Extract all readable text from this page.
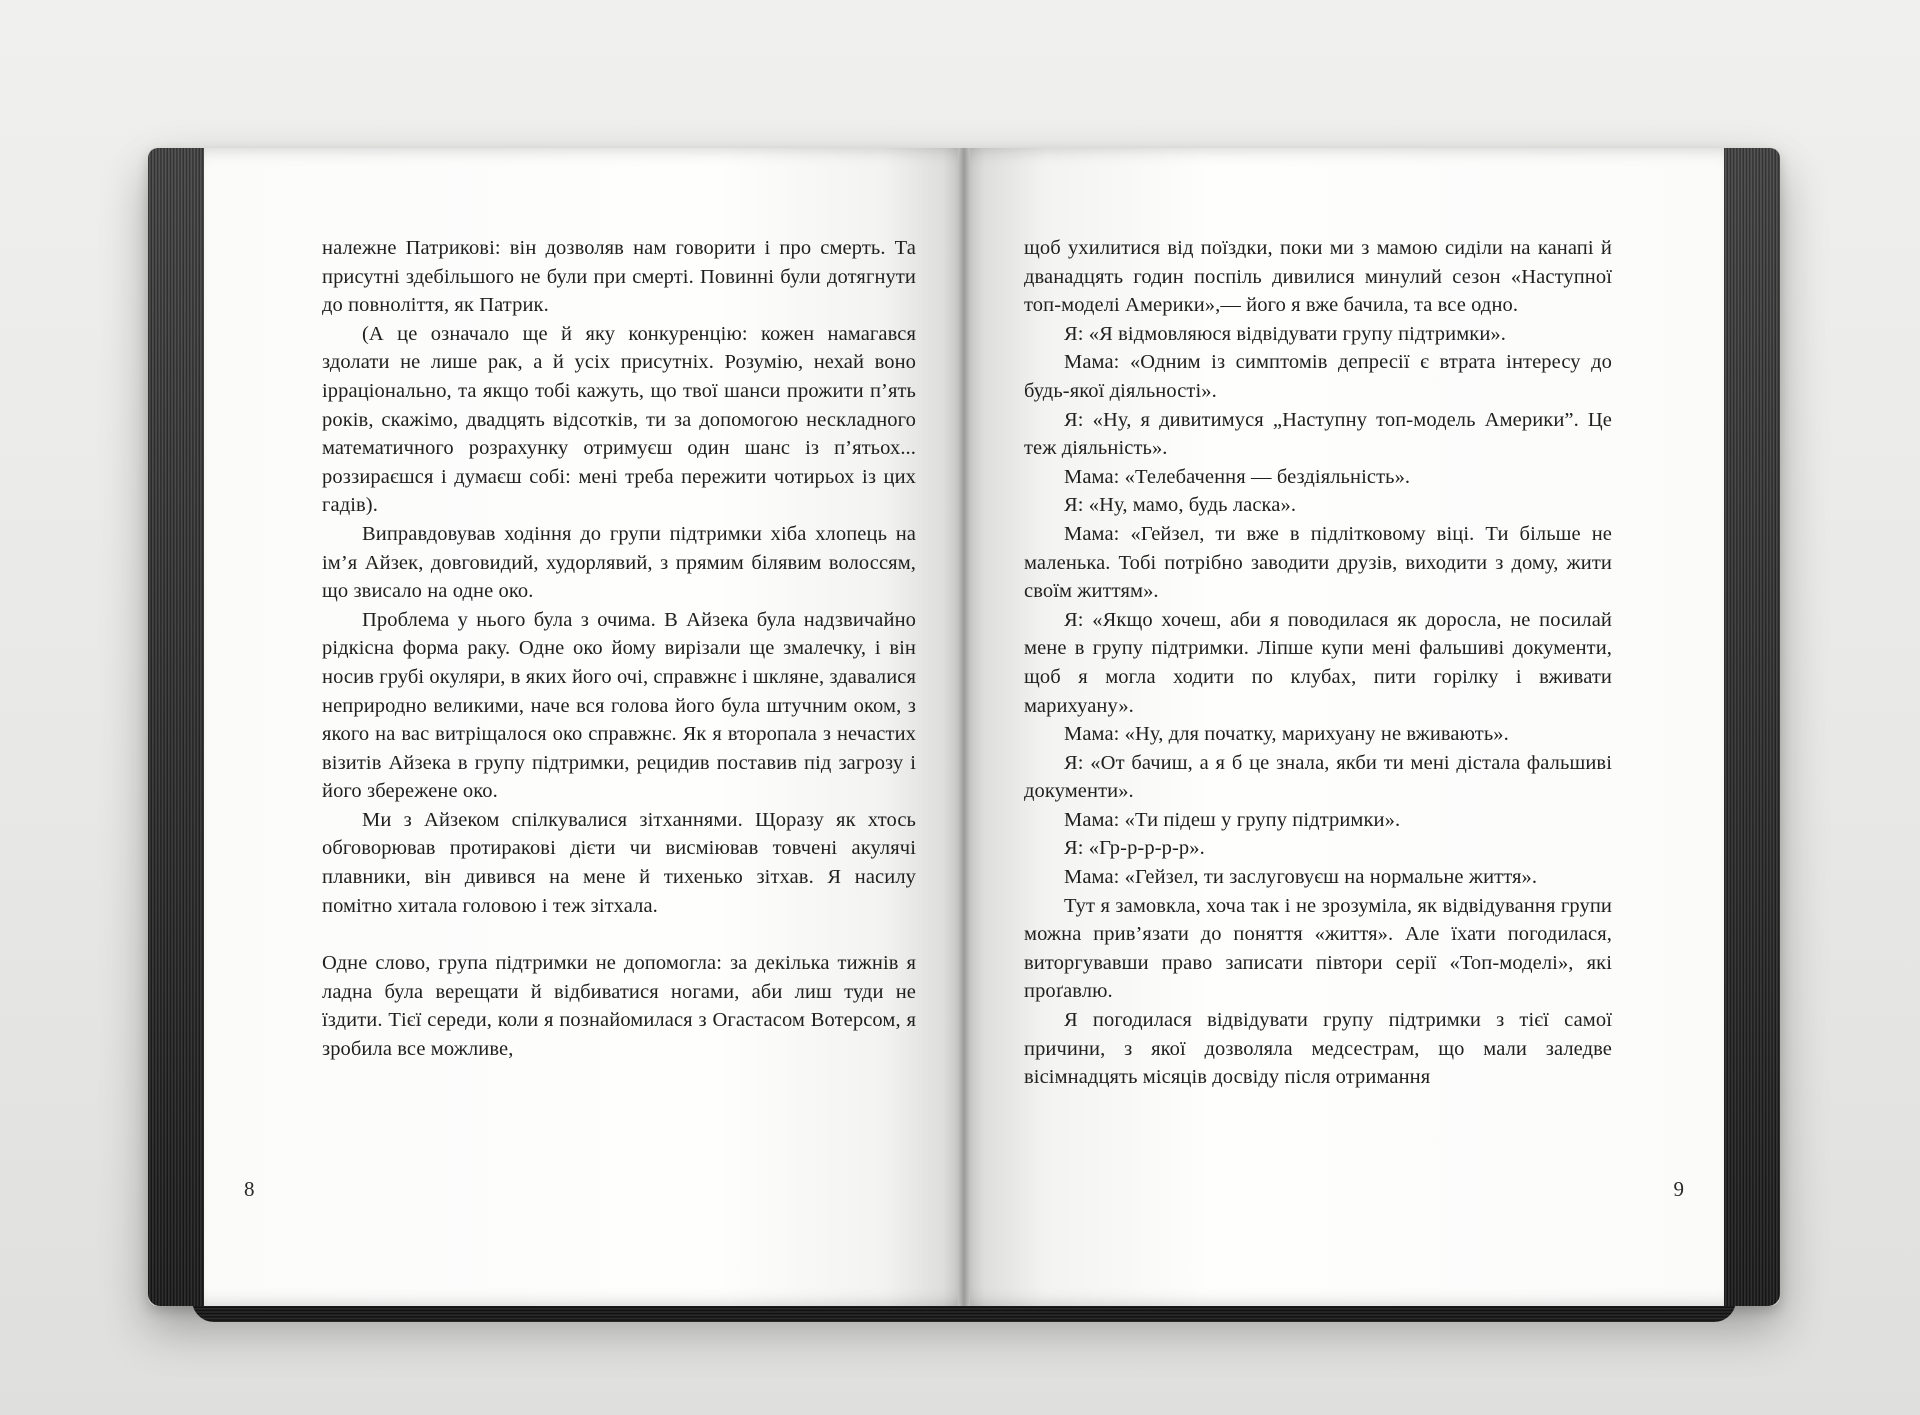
належне Патрикові: він дозволяв нам говорити і про смерть. Та присутні здебільшого не були при смерті. Повинні були дотягнути до повноліття, як Патрик.

(А це означало ще й яку конкуренцію: кожен намагався здолати не лише рак, а й усіх присутніх. Розумію, нехай воно ірраціонально, та якщо тобі кажуть, що твої шанси прожити п’ять років, скажімо, двадцять відсотків, ти за допомогою нескладного математичного розрахунку отримуєш один шанс із п’ятьох... роззираєшся і думаєш собі: мені треба пережити чотирьох із цих гадів).

Виправдовував ходіння до групи підтримки хіба хлопець на ім’я Айзек, довговидий, худорлявий, з прямим білявим волоссям, що звисало на одне око.

Проблема у нього була з очима. В Айзека була надзвичайно рідкісна форма раку. Одне око йому вирізали ще змалечку, і він носив грубі окуляри, в яких його очі, справжнє і шкляне, здавалися неприродно великими, наче вся голова його була штучним оком, з якого на вас витріщалося око справжнє. Як я второпала з нечастих візитів Айзека в групу підтримки, рецидив поставив під загрозу і його збережене око.

Ми з Айзеком спілкувалися зітханнями. Щоразу як хтось обговорював протиракові дієти чи висміював товчені акулячі плавники, він дивився на мене й тихенько зітхав. Я насилу помітно хитала головою і теж зітхала.

Одне слово, група підтримки не допомогла: за декілька тижнів я ладна була верещати й відбиватися ногами, аби лиш туди не їздити. Тієї середи, коли я познайомилася з Огастасом Вотерсом, я зробила все можливе,

8

щоб ухилитися від поїздки, поки ми з мамою сиділи на канапі й дванадцять годин поспіль дивилися минулий сезон «Наступної топ-моделі Америки»,— його я вже бачила, та все одно.

Я: «Я відмовляюся відвідувати групу підтримки».

Мама: «Одним із симптомів депресії є втрата інтересу до будь-якої діяльності».

Я: «Ну, я дивитимуся „Наступну топ-модель Америки”. Це теж діяльність».

Мама: «Телебачення — бездіяльність».

Я: «Ну, мамо, будь ласка».

Мама: «Гейзел, ти вже в підлітковому віці. Ти більше не маленька. Тобі потрібно заводити друзів, виходити з дому, жити своїм життям».

Я: «Якщо хочеш, аби я поводилася як доросла, не посилай мене в групу підтримки. Ліпше купи мені фальшиві документи, щоб я могла ходити по клубах, пити горілку і вживати марихуану».

Мама: «Ну, для початку, марихуану не вживають».

Я: «От бачиш, а я б це знала, якби ти мені дістала фальшиві документи».

Мама: «Ти підеш у групу підтримки».

Я: «Гр-р-р-р-р».

Мама: «Гейзел, ти заслуговуєш на нормальне життя».

Тут я замовкла, хоча так і не зрозуміла, як відвідування групи можна прив’язати до поняття «життя». Але їхати погодилася, виторгувавши право записати півтори серії «Топ-моделі», які проґавлю.

Я погодилася відвідувати групу підтримки з тієї самої причини, з якої дозволяла медсестрам, що мали заледве вісімнадцять місяців досвіду після отримання

9
